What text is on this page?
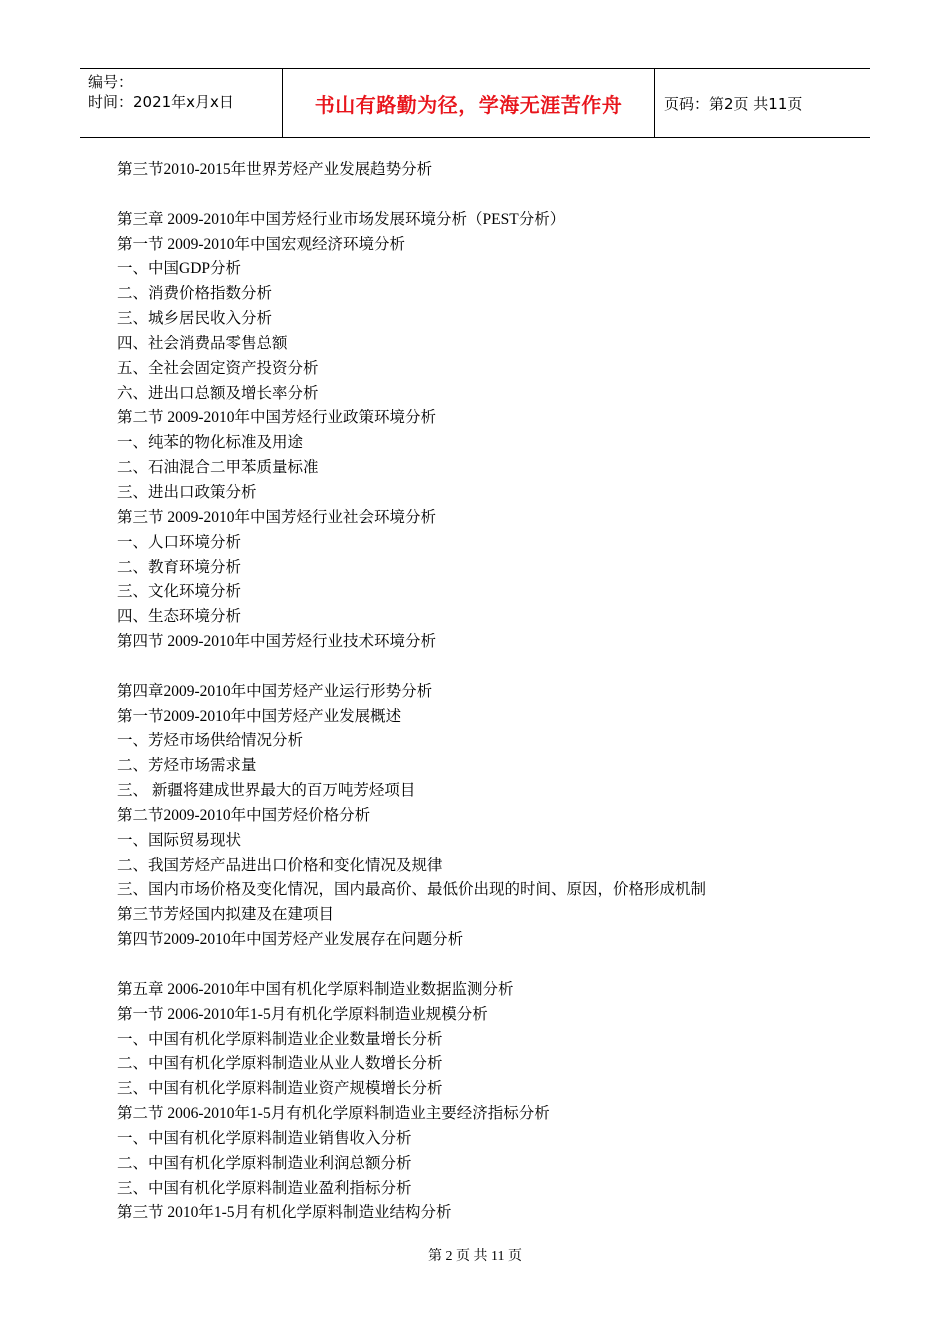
编号：
时间：2021年x月x日	书山有路勤为径，学海无涯苦作舟	页码：第2页 共11页
第三节2010-2015年世界芳烃产业发展趋势分析
第三章 2009-2010年中国芳烃行业市场发展环境分析（PEST分析）
第一节 2009-2010年中国宏观经济环境分析
一、中国GDP分析
二、消费价格指数分析
三、城乡居民收入分析
四、社会消费品零售总额
五、全社会固定资产投资分析
六、进出口总额及增长率分析
第二节 2009-2010年中国芳烃行业政策环境分析
一、纯苯的物化标准及用途
二、石油混合二甲苯质量标准
三、进出口政策分析
第三节 2009-2010年中国芳烃行业社会环境分析
一、人口环境分析
二、教育环境分析
三、文化环境分析
四、生态环境分析
第四节 2009-2010年中国芳烃行业技术环境分析
第四章2009-2010年中国芳烃产业运行形势分析
第一节2009-2010年中国芳烃产业发展概述
一、芳烃市场供给情况分析
二、芳烃市场需求量
三、 新疆将建成世界最大的百万吨芳烃项目
第二节2009-2010年中国芳烃价格分析
一、国际贸易现状
二、我国芳烃产品进出口价格和变化情况及规律
三、国内市场价格及变化情况，国内最高价、最低价出现的时间、原因，价格形成机制
第三节芳烃国内拟建及在建项目
第四节2009-2010年中国芳烃产业发展存在问题分析
第五章 2006-2010年中国有机化学原料制造业数据监测分析
第一节 2006-2010年1-5月有机化学原料制造业规模分析
一、中国有机化学原料制造业企业数量增长分析
二、中国有机化学原料制造业从业人数增长分析
三、中国有机化学原料制造业资产规模增长分析
第二节 2006-2010年1-5月有机化学原料制造业主要经济指标分析
一、中国有机化学原料制造业销售收入分析
二、中国有机化学原料制造业利润总额分析
三、中国有机化学原料制造业盈利指标分析
第三节 2010年1-5月有机化学原料制造业结构分析
第 2 页 共 11 页
